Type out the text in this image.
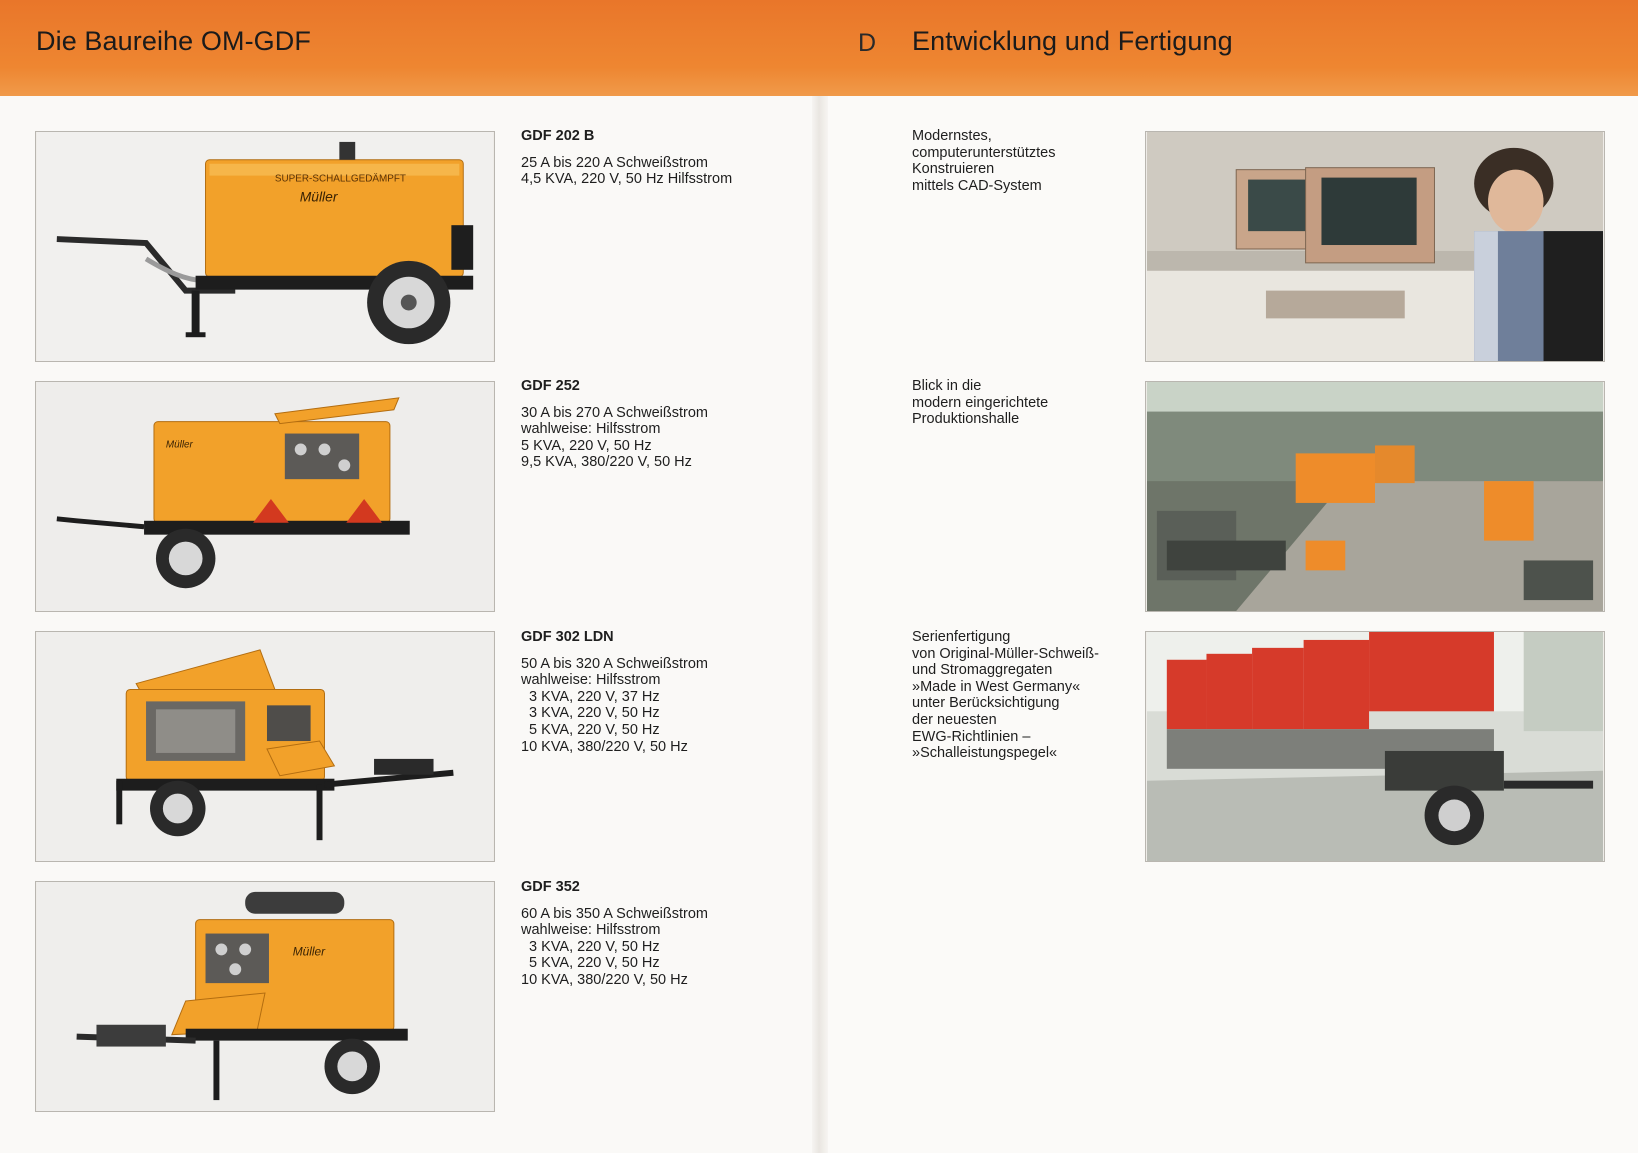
Die Baureihe OM-GDF	D Entwicklung und Fertigung
SUPER-SCHALLGEDÄMPFT
Müller
Müller
Müller
GDF 202 B
25 A bis 220 A Schweißstrom
4,5 KVA, 220 V, 50 Hz Hilfsstrom
GDF 252
30 A bis 270 A Schweißstrom
wahlweise: Hilfsstrom
5 KVA, 220 V, 50 Hz
9,5 KVA, 380/220 V, 50 Hz
GDF 302 LDN
50 A bis 320 A Schweißstrom
wahlweise: Hilfsstrom
3 KVA, 220 V, 37 Hz
3 KVA, 220 V, 50 Hz
5 KVA, 220 V, 50 Hz
10 KVA, 380/220 V, 50 Hz
GDF 352
60 A bis 350 A Schweißstrom
wahlweise: Hilfsstrom
3 KVA, 220 V, 50 Hz
5 KVA, 220 V, 50 Hz
10 KVA, 380/220 V, 50 Hz
Modernstes,
computerunterstütztes
Konstruieren
mittels CAD-System
Blick in die
modern eingerichtete
Produktionshalle
Serienfertigung
von Original-Müller-Schweiß-
und Stromaggregaten
»Made in West Germany«
unter Berücksichtigung
der neuesten
EWG-Richtlinien –
»Schalleistungspegel«
